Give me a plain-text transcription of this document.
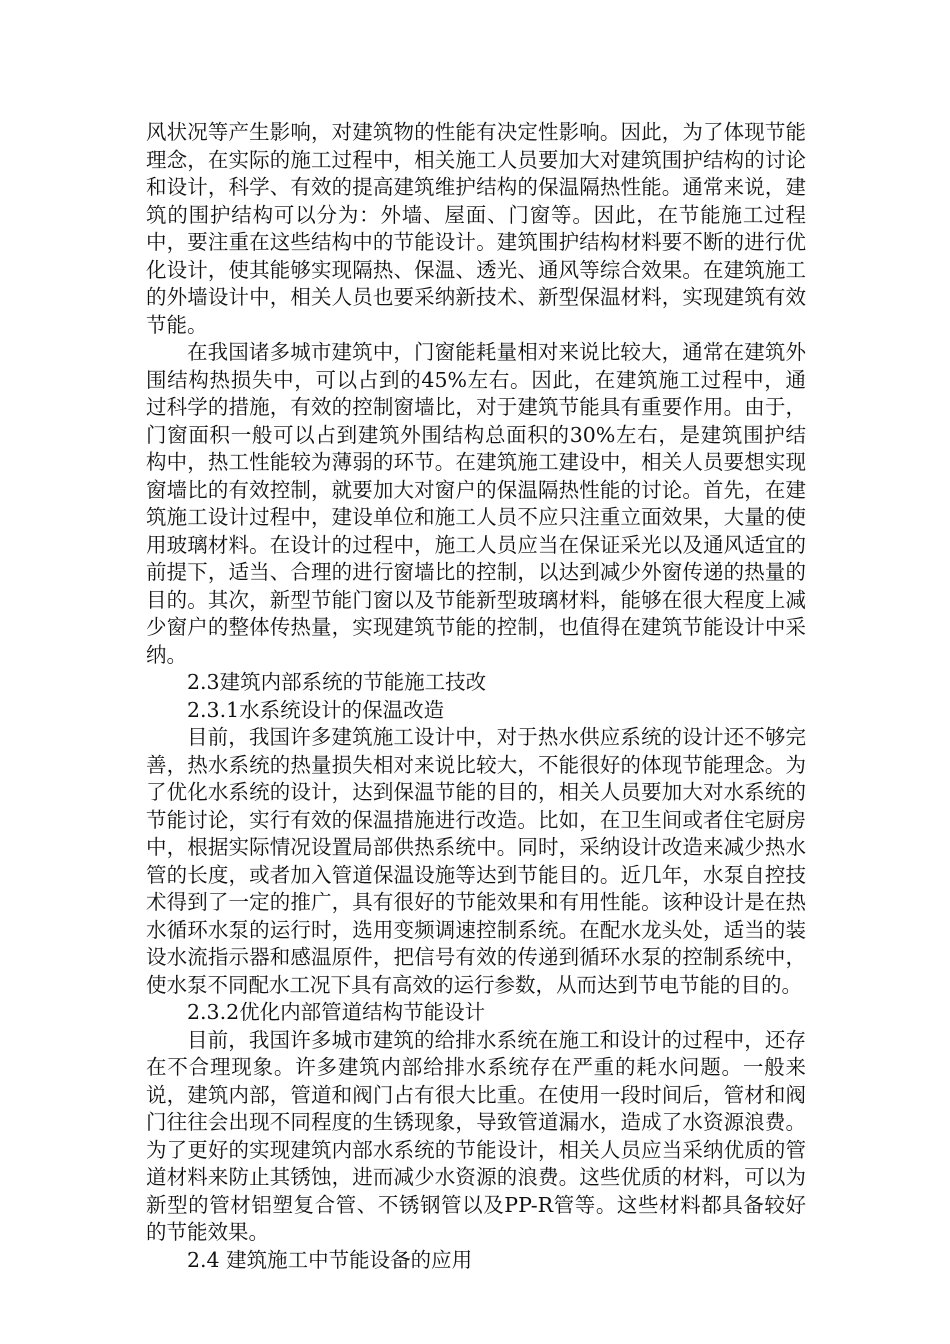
风状况等产生影响，对建筑物的性能有决定性影响。因此，为了体现节能理念，在实际的施工过程中，相关施工人员要加大对建筑围护结构的讨论和设计，科学、有效的提高建筑维护结构的保温隔热性能。通常来说，建筑的围护结构可以分为：外墙、屋面、门窗等。因此，在节能施工过程中，要注重在这些结构中的节能设计。建筑围护结构材料要不断的进行优化设计，使其能够实现隔热、保温、透光、通风等综合效果。在建筑施工的外墙设计中，相关人员也要采纳新技术、新型保温材料，实现建筑有效节能。

在我国诸多城市建筑中，门窗能耗量相对来说比较大，通常在建筑外围结构热损失中，可以占到的45%左右。因此，在建筑施工过程中，通过科学的措施，有效的控制窗墙比，对于建筑节能具有重要作用。由于，门窗面积一般可以占到建筑外围结构总面积的30%左右，是建筑围护结构中，热工性能较为薄弱的环节。在建筑施工建设中，相关人员要想实现窗墙比的有效控制，就要加大对窗户的保温隔热性能的讨论。首先，在建筑施工设计过程中，建设单位和施工人员不应只注重立面效果，大量的使用玻璃材料。在设计的过程中，施工人员应当在保证采光以及通风适宜的前提下，适当、合理的进行窗墙比的控制，以达到减少外窗传递的热量的目的。其次，新型节能门窗以及节能新型玻璃材料，能够在很大程度上减少窗户的整体传热量，实现建筑节能的控制，也值得在建筑节能设计中采纳。

2.3建筑内部系统的节能施工技改
2.3.1水系统设计的保温改造

目前，我国许多建筑施工设计中，对于热水供应系统的设计还不够完善，热水系统的热量损失相对来说比较大，不能很好的体现节能理念。为了优化水系统的设计，达到保温节能的目的，相关人员要加大对水系统的节能讨论，实行有效的保温措施进行改造。比如，在卫生间或者住宅厨房中，根据实际情况设置局部供热系统中。同时，采纳设计改造来减少热水管的长度，或者加入管道保温设施等达到节能目的。近几年，水泵自控技术得到了一定的推广，具有很好的节能效果和有用性能。该种设计是在热水循环水泵的运行时，选用变频调速控制系统。在配水龙头处，适当的装设水流指示器和感温原件，把信号有效的传递到循环水泵的控制系统中，使水泵不同配水工况下具有高效的运行参数，从而达到节电节能的目的。

2.3.2优化内部管道结构节能设计

目前，我国许多城市建筑的给排水系统在施工和设计的过程中，还存在不合理现象。许多建筑内部给排水系统存在严重的耗水问题。一般来说，建筑内部，管道和阀门占有很大比重。在使用一段时间后，管材和阀门往往会出现不同程度的生锈现象，导致管道漏水，造成了水资源浪费。为了更好的实现建筑内部水系统的节能设计，相关人员应当采纳优质的管道材料来防止其锈蚀，进而减少水资源的浪费。这些优质的材料，可以为新型的管材铝塑复合管、不锈钢管以及PP-R管等。这些材料都具备较好的节能效果。

2.4 建筑施工中节能设备的应用
